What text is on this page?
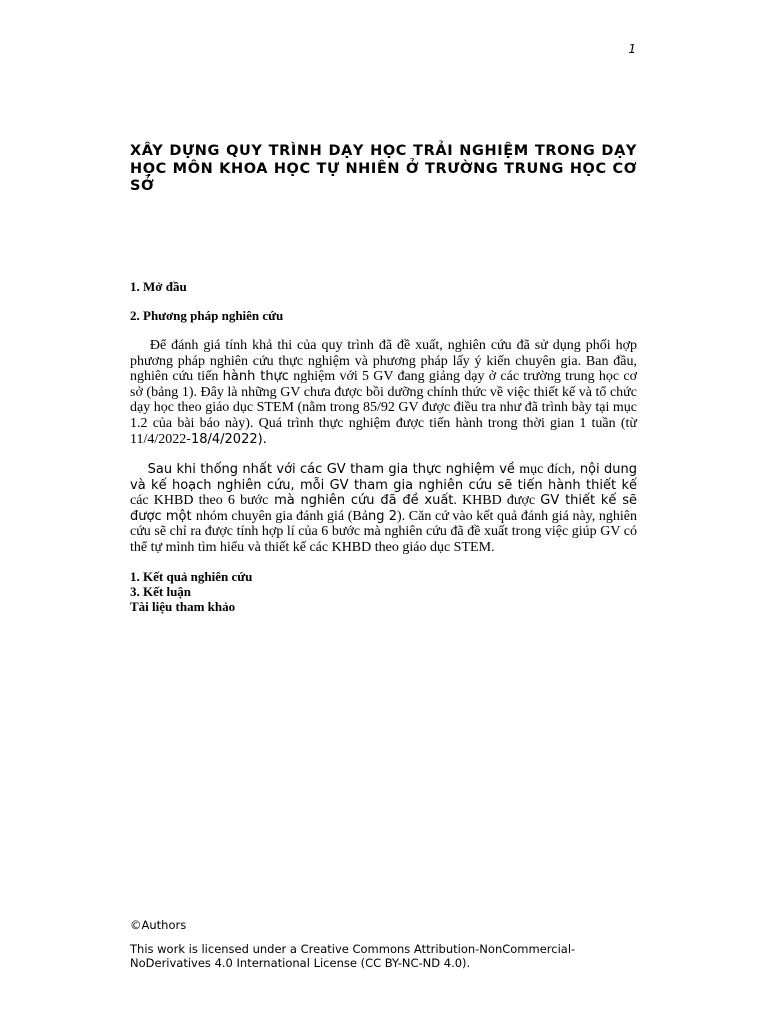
1
XÂY DỰNG QUY TRÌNH DẠY HỌC TRẢI NGHIỆM TRONG DẠY HỌC MÔN KHOA HỌC TỰ NHIÊN Ở TRƯỜNG TRUNG HỌC CƠ SỞ
1. Mở đầu
2. Phương pháp nghiên cứu

Để đánh giá tính khả thi của quy trình đã đề xuất, nghiên cứu đã sử dụng phối hợp phương pháp nghiên cứu thực nghiệm và phương pháp lấy ý kiến chuyên gia. Ban đầu, nghiên cứu tiến hành thực nghiệm với 5 GV đang giảng dạy ở các trường trung học cơ sở (bảng 1). Đây là những GV chưa được bồi dưỡng chính thức về việc thiết kế và tổ chức dạy học theo giáo dục STEM (nằm trong 85/92 GV được điều tra như đã trình bày tại mục 1.2 của bài báo này). Quá trình thực nghiệm được tiến hành trong thời gian 1 tuần (từ 11/4/2022-18/4/2022).

Sau khi thống nhất với các GV tham gia thực nghiệm về mục đích, nội dung và kế hoạch nghiên cứu, mỗi GV tham gia nghiên cứu sẽ tiến hành thiết kế các KHBD theo 6 bước mà nghiên cứu đã đề xuất. KHBD được GV thiết kế sẽ được một nhóm chuyên gia đánh giá (Bảng 2). Căn cứ vào kết quả đánh giá này, nghiên cứu sẽ chỉ ra được tính hợp lí của 6 bước mà nghiên cứu đã đề xuất trong việc giúp GV có thể tự mình tìm hiểu và thiết kế các KHBD theo giáo dục STEM.

1. Kết quả nghiên cứu
3. Kết luận
Tài liệu tham khảo

©Authors

This work is licensed under a Creative Commons Attribution-NonCommercial-NoDerivatives 4.0 International License (CC BY-NC-ND 4.0).
